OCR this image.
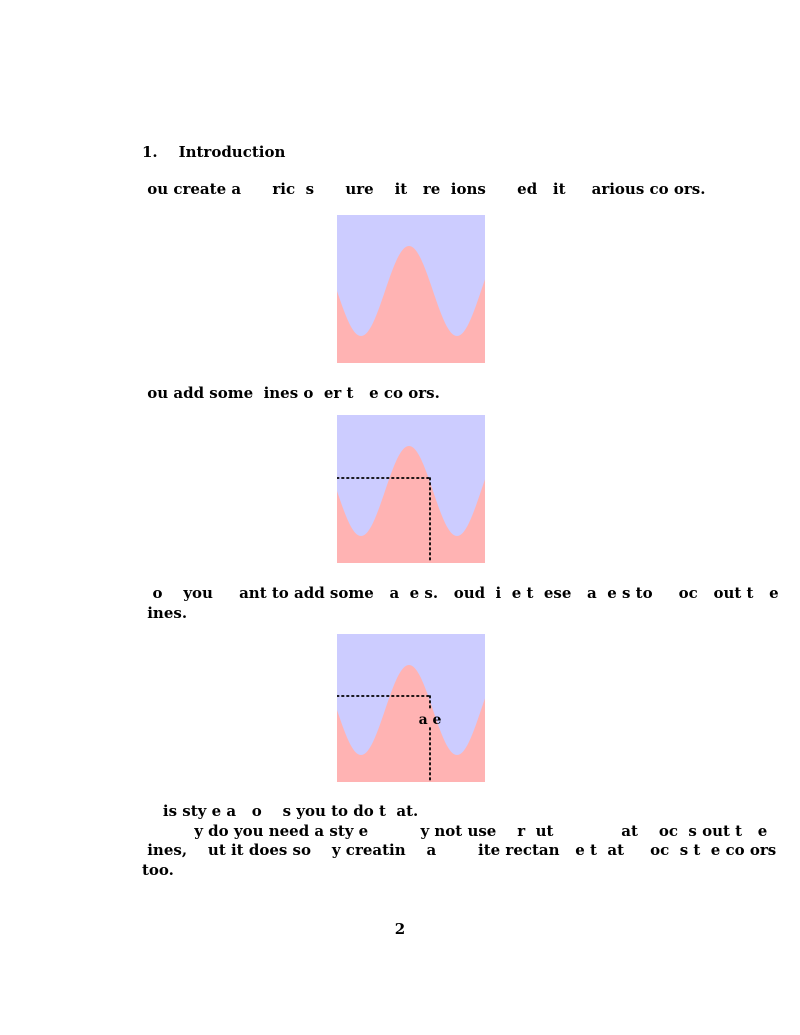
1. Introduction
ou create a      ric  s      ure    it   re  ions      ed   it     arious co ors.
ou add some  ines o  er t   e co ors.
o    you     ant to add some   a  e s.   oud  i  e t  ese   a  e s to     oc   out t   e
ines.
a e
is sty e a   o    s you to do t  at.
y do you need a sty e          y not use    r  ut             at    oc  s out t   e
ines,    ut it does so    y creatin    a        ite rectan   e t  at     oc  s t  e co ors
too.
2
